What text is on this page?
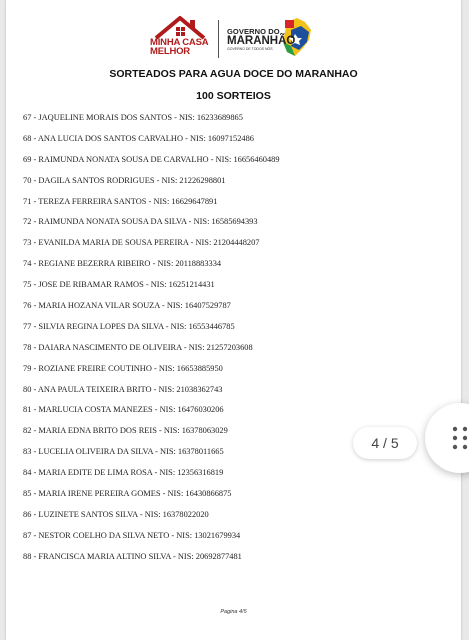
MINHA CASA
MELHOR
GOVERNO DO
MARANHÃO
GOVERNO DE TODOS NÓS
SORTEADOS PARA AGUA DOCE DO MARANHAO
100 SORTEIOS
67 - JAQUELINE MORAIS DOS SANTOS - NIS: 16233689865
68 - ANA LUCIA DOS SANTOS CARVALHO - NIS: 16097152486
69 - RAIMUNDA NONATA SOUSA DE CARVALHO - NIS: 16656460489
70 - DAGILA SANTOS RODRIGUES - NIS: 21226298801
71 - TEREZA FERREIRA SANTOS - NIS: 16629647891
72 - RAIMUNDA NONATA SOUSA DA SILVA - NIS: 16585694393
73 - EVANILDA MARIA DE SOUSA PEREIRA - NIS: 21204448207
74 - REGIANE BEZERRA RIBEIRO - NIS: 20118883334
75 - JOSE DE RIBAMAR RAMOS - NIS: 16251214431
76 - MARIA HOZANA VILAR SOUZA - NIS: 16407529787
77 - SILVIA REGINA LOPES DA SILVA - NIS: 16553446785
78 - DAIARA NASCIMENTO DE OLIVEIRA - NIS: 21257203608
79 - ROZIANE FREIRE COUTINHO - NIS: 16653885950
80 - ANA PAULA TEIXEIRA BRITO - NIS: 21038362743
81 - MARLUCIA COSTA MANEZES - NIS: 16476030206
82 - MARIA EDNA BRITO DOS REIS - NIS: 16378063029
83 - LUCELIA OLIVEIRA DA SILVA - NIS: 16378011665
84 - MARIA EDITE DE LIMA ROSA - NIS: 12356316819
85 - MARIA IRENE PEREIRA GOMES - NIS: 16430866875
86 - LUZINETE SANTOS SILVA - NIS: 16378022020
87 - NESTOR COELHO DA SILVA NETO - NIS: 13021679934
88 - FRANCISCA MARIA ALTINO SILVA - NIS: 20692877481
Pagina 4/5
4 / 5
